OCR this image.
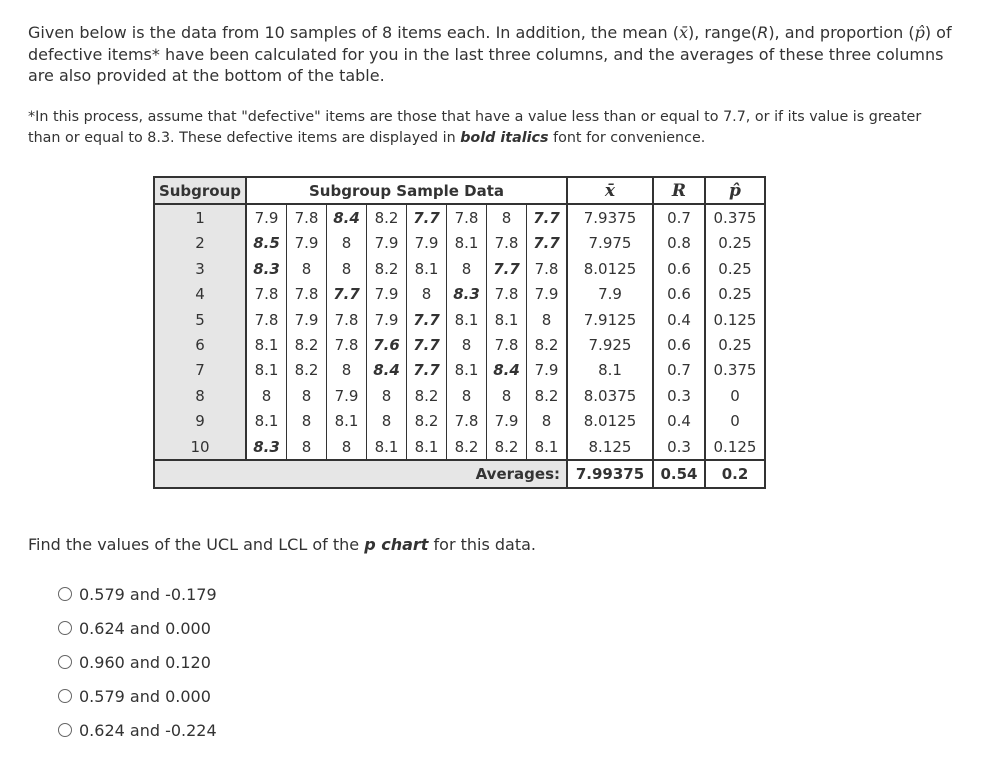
Given below is the data from 10 samples of 8 items each. In addition, the mean (x̄), range(R), and proportion (p̂) of defective items* have been calculated for you in the last three columns, and the averages of these three columns are also provided at the bottom of the table.

*In this process, assume that "defective" items are those that have a value less than or equal to 7.7, or if its value is greater than or equal to 8.3. These defective items are displayed in bold italics font for convenience.

Subgroup	Subgroup Sample Data								x̄	R	p̂
1	7.9	7.8	8.4	8.2	7.7	7.8	8	7.7	7.9375	0.7	0.375
2	8.5	7.9	8	7.9	7.9	8.1	7.8	7.7	7.975	0.8	0.25
3	8.3	8	8	8.2	8.1	8	7.7	7.8	8.0125	0.6	0.25
4	7.8	7.8	7.7	7.9	8	8.3	7.8	7.9	7.9	0.6	0.25
5	7.8	7.9	7.8	7.9	7.7	8.1	8.1	8	7.9125	0.4	0.125
6	8.1	8.2	7.8	7.6	7.7	8	7.8	8.2	7.925	0.6	0.25
7	8.1	8.2	8	8.4	7.7	8.1	8.4	7.9	8.1	0.7	0.375
8	8	8	7.9	8	8.2	8	8	8.2	8.0375	0.3	0
9	8.1	8	8.1	8	8.2	7.8	7.9	8	8.0125	0.4	0
10	8.3	8	8	8.1	8.1	8.2	8.2	8.1	8.125	0.3	0.125
Averages:									7.99375	0.54	0.2

Find the values of the UCL and LCL of the p chart for this data.

0.579 and -0.179
0.624 and 0.000
0.960 and 0.120
0.579 and 0.000
0.624 and -0.224
